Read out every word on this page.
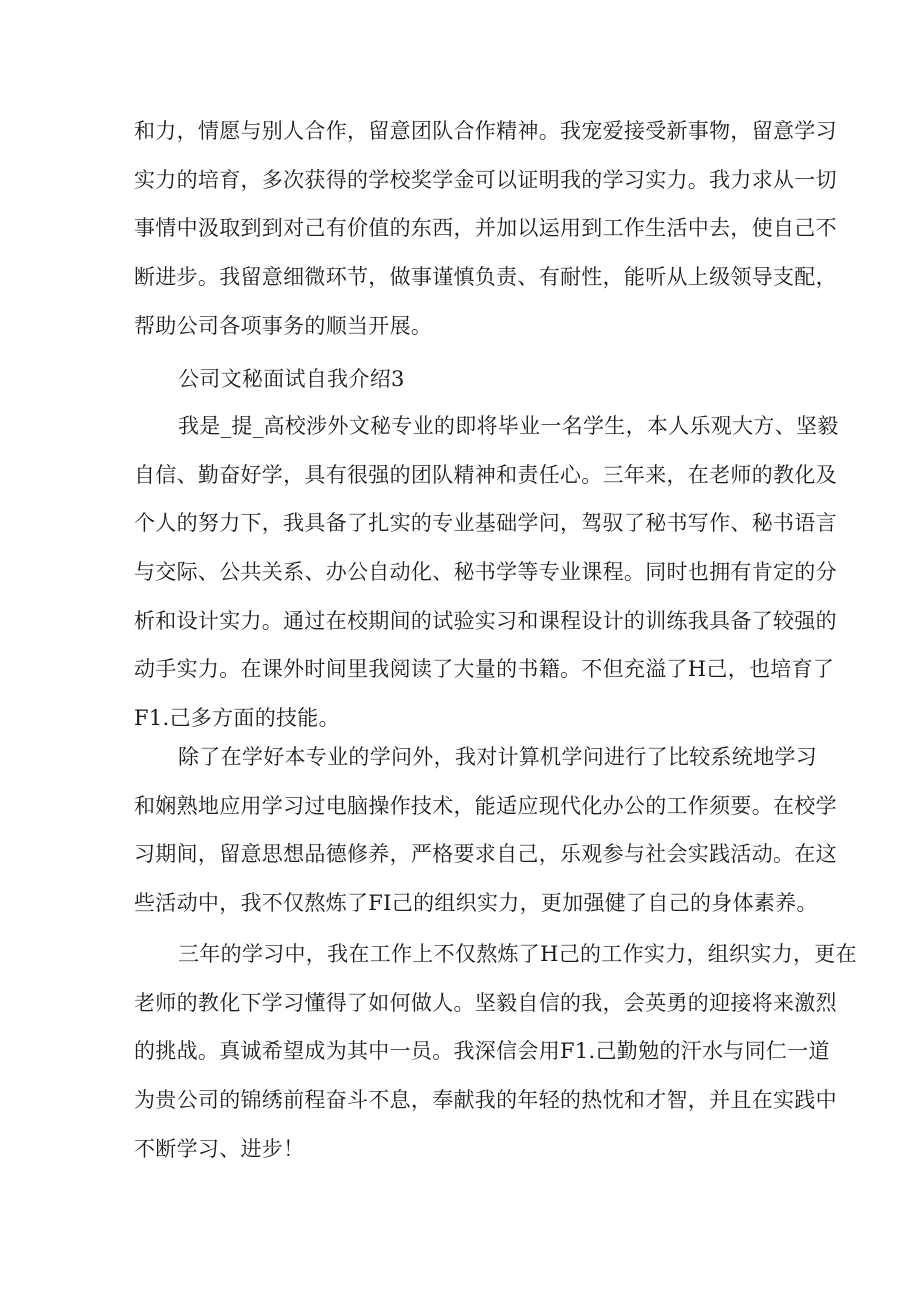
和力，情愿与别人合作，留意团队合作精神。我宠爱接受新事物，留意学习
实力的培育，多次获得的学校奖学金可以证明我的学习实力。我力求从一切
事情中汲取到到对己有价值的东西，并加以运用到工作生活中去，使自己不
断进步。我留意细微环节，做事谨慎负责、有耐性，能听从上级领导支配，
帮助公司各项事务的顺当开展。
公司文秘面试自我介绍3
我是_提_高校涉外文秘专业的即将毕业一名学生，本人乐观大方、坚毅
自信、勤奋好学，具有很强的团队精神和责任心。三年来，在老师的教化及
个人的努力下，我具备了扎实的专业基础学问，驾驭了秘书写作、秘书语言
与交际、公共关系、办公自动化、秘书学等专业课程。同时也拥有肯定的分
析和设计实力。通过在校期间的试验实习和课程设计的训练我具备了较强的
动手实力。在课外时间里我阅读了大量的书籍。不但充溢了H己，也培育了
F1.己多方面的技能。
除了在学好本专业的学问外，我对计算机学问进行了比较系统地学习
和娴熟地应用学习过电脑操作技术，能适应现代化办公的工作须要。在校学
习期间，留意思想品德修养，严格要求自己，乐观参与社会实践活动。在这
些活动中，我不仅熬炼了FI己的组织实力，更加强健了自己的身体素养。
三年的学习中，我在工作上不仅熬炼了H己的工作实力，组织实力，更在
老师的教化下学习懂得了如何做人。坚毅自信的我，会英勇的迎接将来激烈
的挑战。真诚希望成为其中一员。我深信会用F1.己勤勉的汗水与同仁一道
为贵公司的锦绣前程奋斗不息，奉献我的年轻的热忱和才智，并且在实践中
不断学习、进步！
